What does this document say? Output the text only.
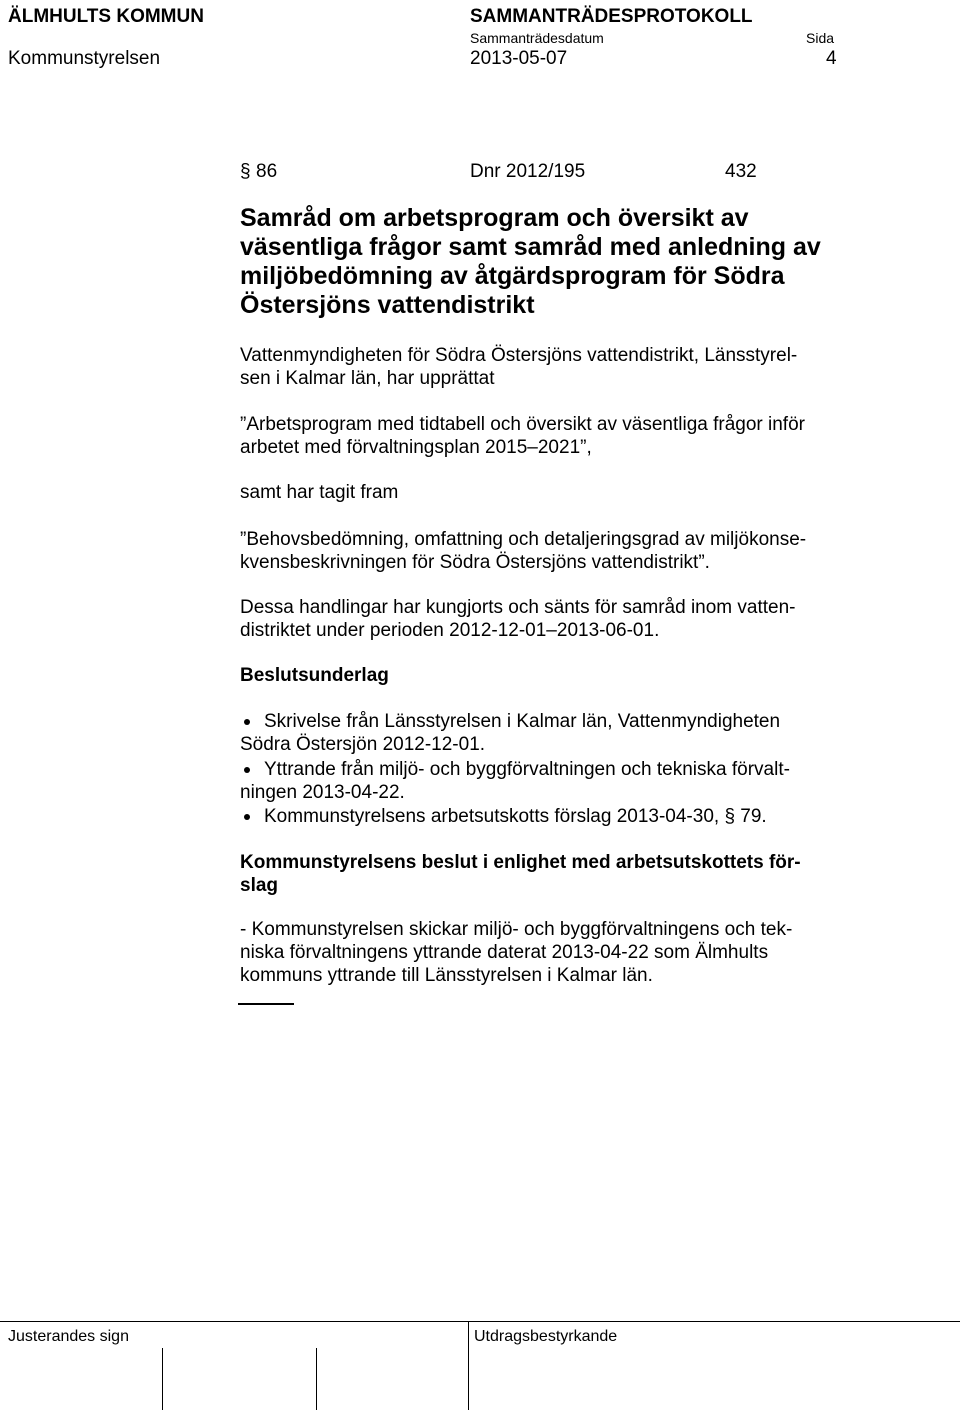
ÄLMHULTS KOMMUN	SAMMANTRÄDESPROTOKOLL
Sammanträdesdatum	Sida
Kommunstyrelsen	2013-05-07	4
§ 86	Dnr 2012/195	432
Samråd om arbetsprogram och översikt av
väsentliga frågor samt samråd med anledning av
miljöbedömning av åtgärdsprogram för Södra
Östersjöns vattendistrikt
Vattenmyndigheten för Södra Östersjöns vattendistrikt, Länsstyrel-
sen i Kalmar län, har upprättat
”Arbetsprogram med tidtabell och översikt av väsentliga frågor inför
arbetet med förvaltningsplan 2015–2021”,
samt har tagit fram
”Behovsbedömning, omfattning och detaljeringsgrad av miljökonse-
kvensbeskrivningen för Södra Östersjöns vattendistrikt”.
Dessa handlingar har kungjorts och sänts för samråd inom vatten-
distriktet under perioden 2012-12-01–2013-06-01.
Beslutsunderlag
Skrivelse från Länsstyrelsen i Kalmar län, Vattenmyndigheten
Södra Östersjön 2012-12-01.
Yttrande från miljö- och byggförvaltningen och tekniska förvalt-
ningen 2013-04-22.
Kommunstyrelsens arbetsutskotts förslag 2013-04-30, § 79.
Kommunstyrelsens beslut i enlighet med arbetsutskottets för-
slag
- Kommunstyrelsen skickar miljö- och byggförvaltningens och tek-
niska förvaltningens yttrande daterat 2013-04-22 som Älmhults
kommuns yttrande till Länsstyrelsen i Kalmar län.
Justerandes sign	Utdragsbestyrkande
